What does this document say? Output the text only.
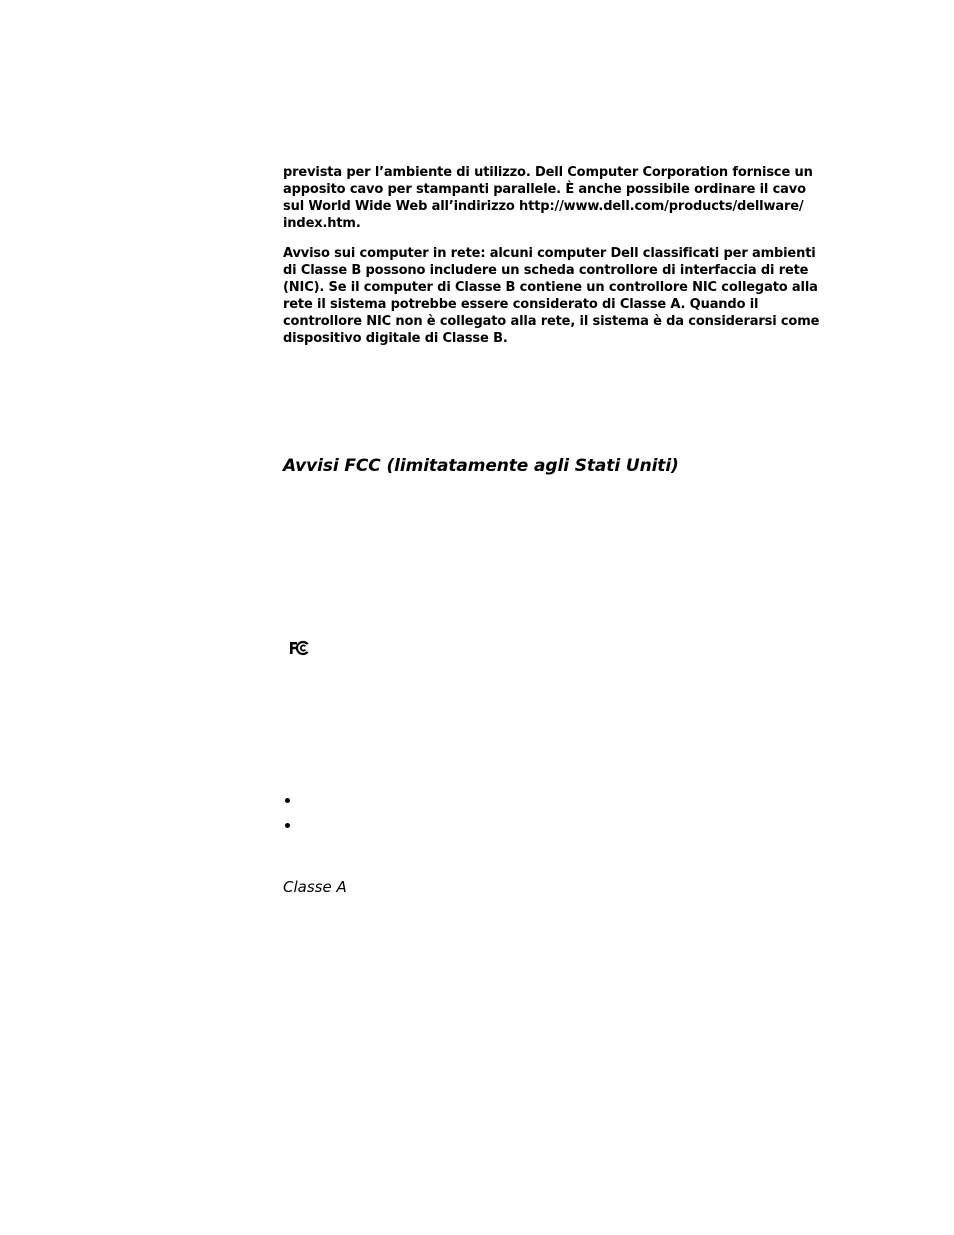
prevista per l’ambiente di utilizzo. Dell Computer Corporation fornisce un
apposito cavo per stampanti parallele. È anche possibile ordinare il cavo
sul World Wide Web all’indirizzo http://www.dell.com/products/dellware/
index.htm.

Avviso sui computer in rete: alcuni computer Dell classificati per ambienti
di Classe B possono includere un scheda controllore di interfaccia di rete
(NIC). Se il computer di Classe B contiene un controllore NIC collegato alla
rete il sistema potrebbe essere considerato di Classe A. Quando il
controllore NIC non è collegato alla rete, il sistema è da considerarsi come
dispositivo digitale di Classe B.

Avvisi FCC (limitatamente agli Stati Uniti)

Classe A
